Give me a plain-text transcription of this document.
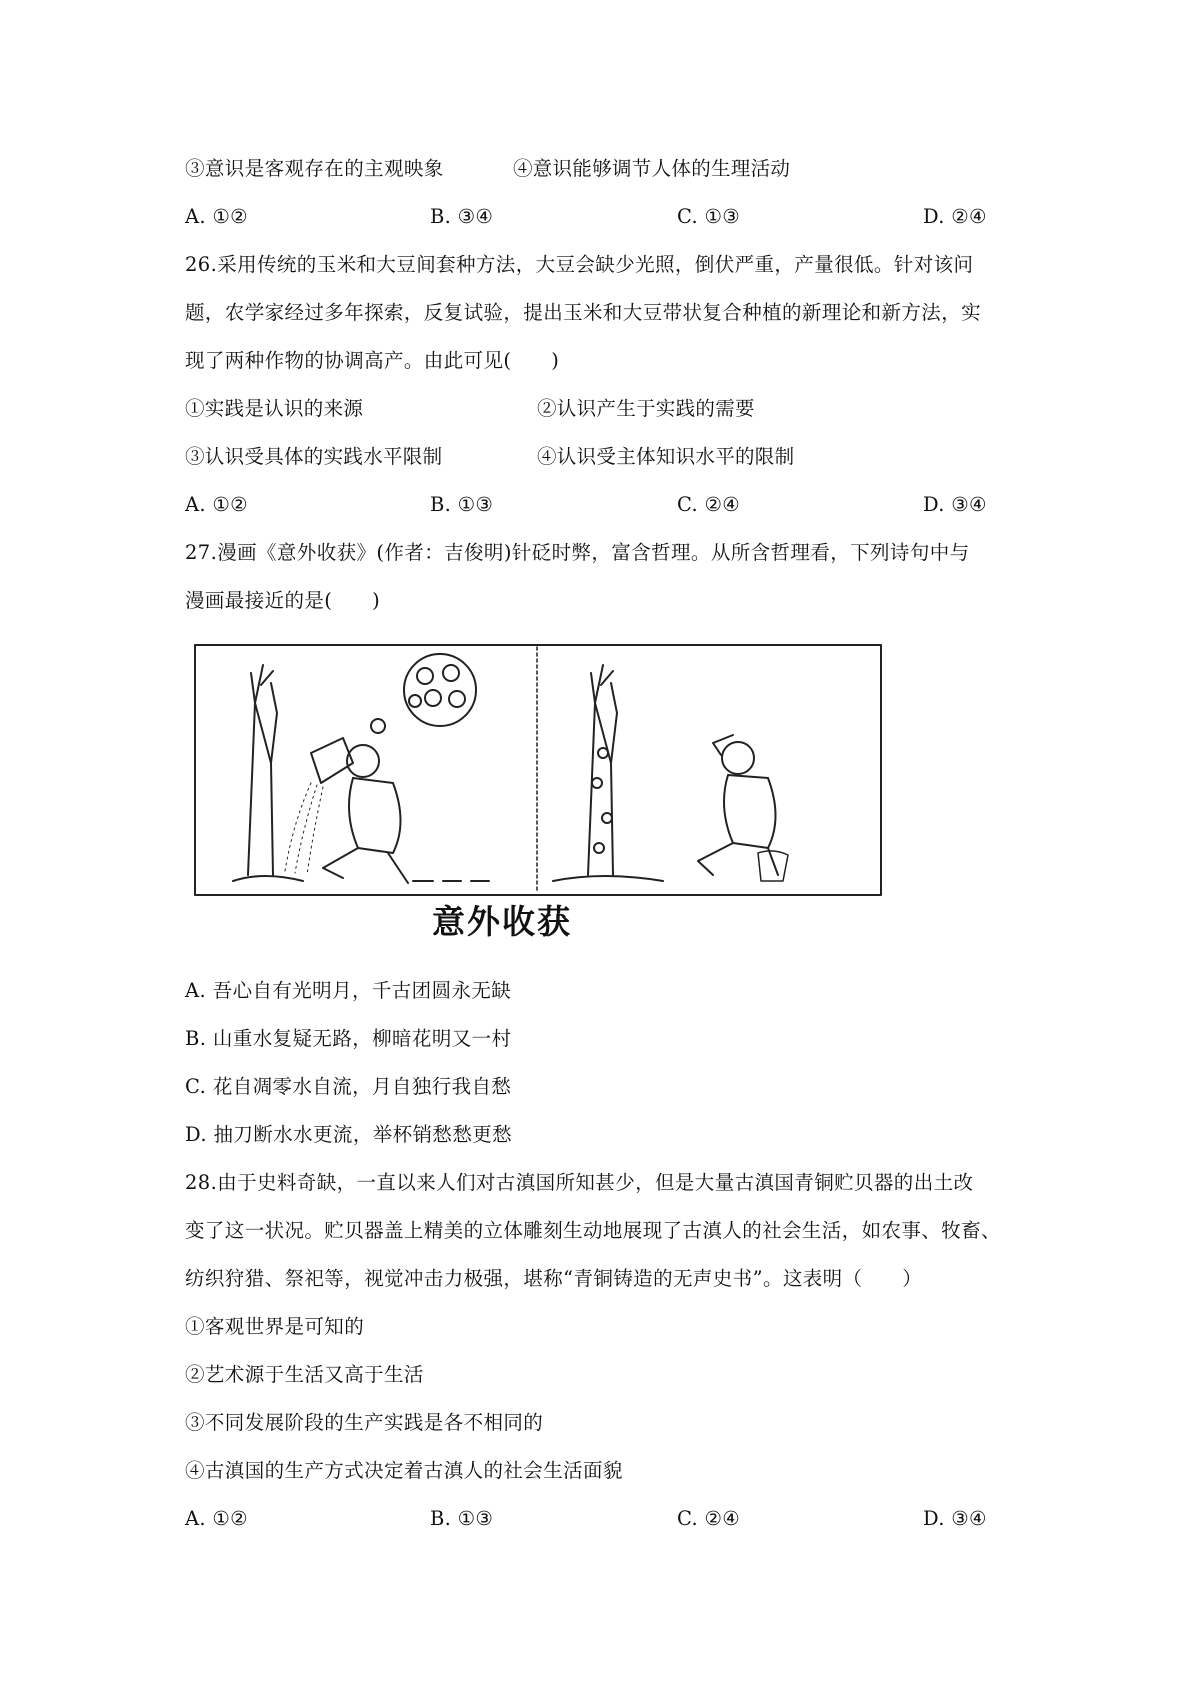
③意识是客观存在的主观映象	④意识能够调节人体的生理活动
A. ①②	B. ③④	C. ①③	D. ②④
26.采用传统的玉米和大豆间套种方法，大豆会缺少光照，倒伏严重，产量很低。针对该问
题，农学家经过多年探索，反复试验，提出玉米和大豆带状复合种植的新理论和新方法，实
现了两种作物的协调高产。由此可见(　　)
①实践是认识的来源	②认识产生于实践的需要
③认识受具体的实践水平限制	④认识受主体知识水平的限制
A. ①②	B. ①③	C. ②④	D. ③④
27.漫画《意外收获》(作者：吉俊明)针砭时弊，富含哲理。从所含哲理看，下列诗句中与
漫画最接近的是(　　)
意外收获
A. 吾心自有光明月，千古团圆永无缺
B. 山重水复疑无路，柳暗花明又一村
C. 花自凋零水自流，月自独行我自愁
D. 抽刀断水水更流，举杯销愁愁更愁
28.由于史料奇缺，一直以来人们对古滇国所知甚少，但是大量古滇国青铜贮贝器的出土改
变了这一状况。贮贝器盖上精美的立体雕刻生动地展现了古滇人的社会生活，如农事、牧畜、
纺织狩猎、祭祀等，视觉冲击力极强，堪称“青铜铸造的无声史书”。这表明（　　）
①客观世界是可知的
②艺术源于生活又高于生活
③不同发展阶段的生产实践是各不相同的
④古滇国的生产方式决定着古滇人的社会生活面貌
A. ①②	B. ①③	C. ②④	D. ③④
